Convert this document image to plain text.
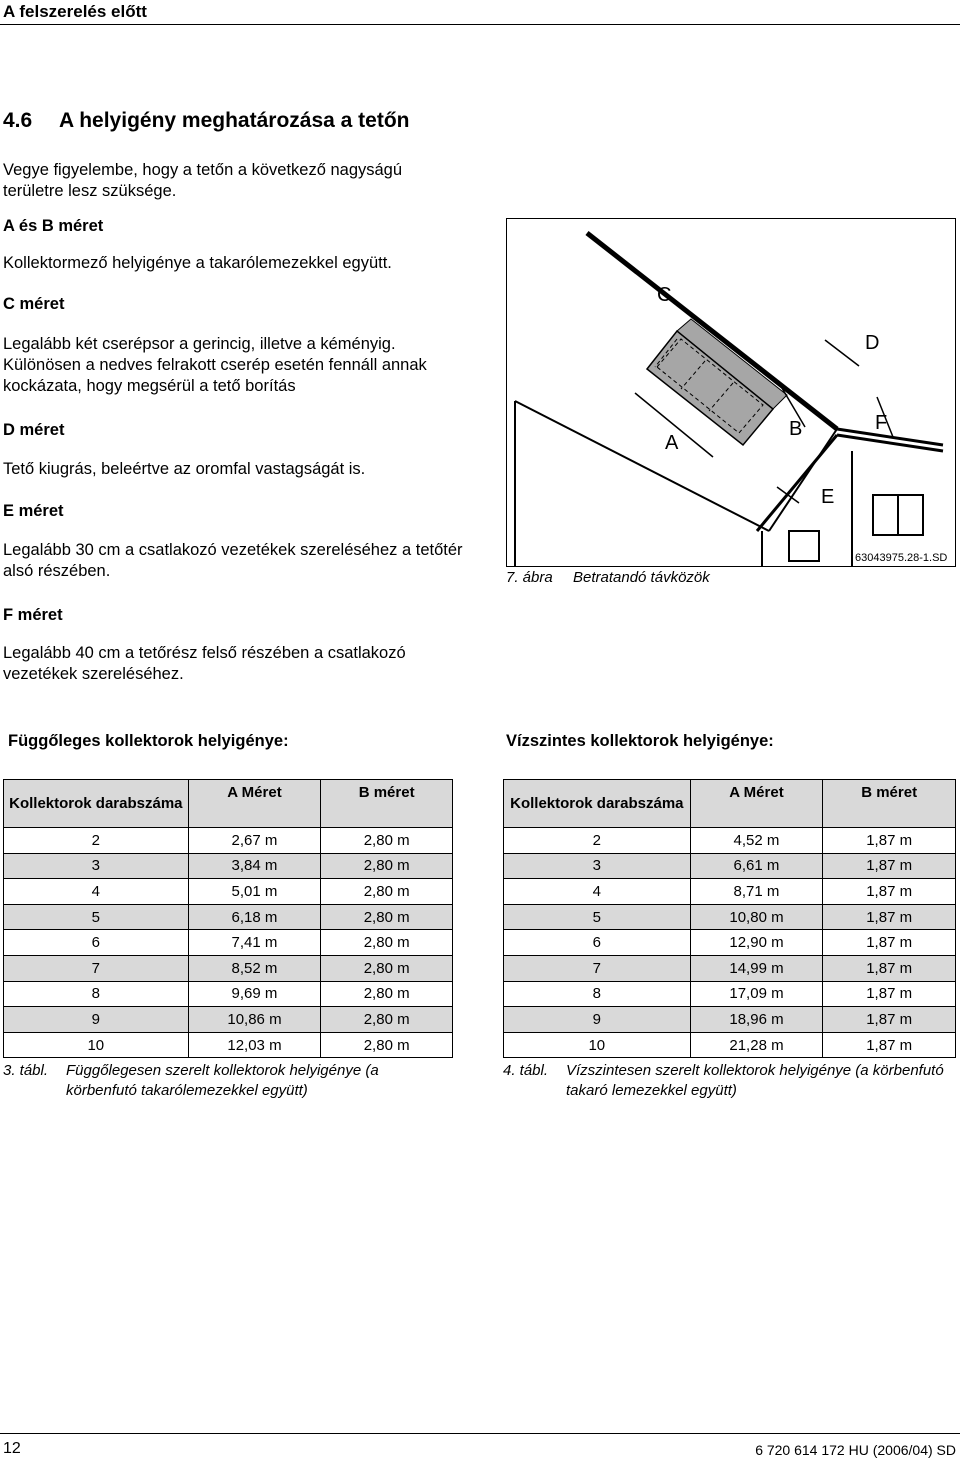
A felszerelés előtt
4.6 A helyigény meghatározása a tetőn
Vegye figyelembe, hogy a tetőn a következő nagyságú területre lesz szüksége.
A és B méret
Kollektormező helyigénye a takarólemezekkel együtt.
C méret
Legalább két cserépsor a gerincig, illetve a kéményig. Különösen a nedves felrakott cserép esetén fennáll annak kockázata, hogy megsérül a tető borítás
D méret
Tető kiugrás, beleértve az oromfal vastagságát is.
E méret
Legalább 30 cm a csatlakozó vezetékek szereléséhez a tetőtér alsó részében.
F méret
Legalább 40 cm a tetőrész felső részében a csatlakozó vezetékek szereléséhez.
C
A
B
D
F
E
63043975.28-1.SD
7. ábra Betratandó távközök
Függőleges kollektorok helyigénye:	Vízszintes kollektorok helyigénye:
Kollektorok darabszáma	A Méret	B méret
2	2,67 m	2,80 m
3	3,84 m	2,80 m
4	5,01 m	2,80 m
5	6,18 m	2,80 m
6	7,41 m	2,80 m
7	8,52 m	2,80 m
8	9,69 m	2,80 m
9	10,86 m	2,80 m
10	12,03 m	2,80 m
Kollektorok darabszáma	A Méret	B méret
2	4,52 m	1,87 m
3	6,61 m	1,87 m
4	8,71 m	1,87 m
5	10,80 m	1,87 m
6	12,90 m	1,87 m
7	14,99 m	1,87 m
8	17,09 m	1,87 m
9	18,96 m	1,87 m
10	21,28 m	1,87 m
3. tábl. Függőlegesen szerelt kollektorok helyigénye (a körbenfutó takarólemezekkel együtt)
4. tábl. Vízszintesen szerelt kollektorok helyigénye (a körbenfutó takaró lemezekkel együtt)
12	6 720 614 172 HU (2006/04) SD
